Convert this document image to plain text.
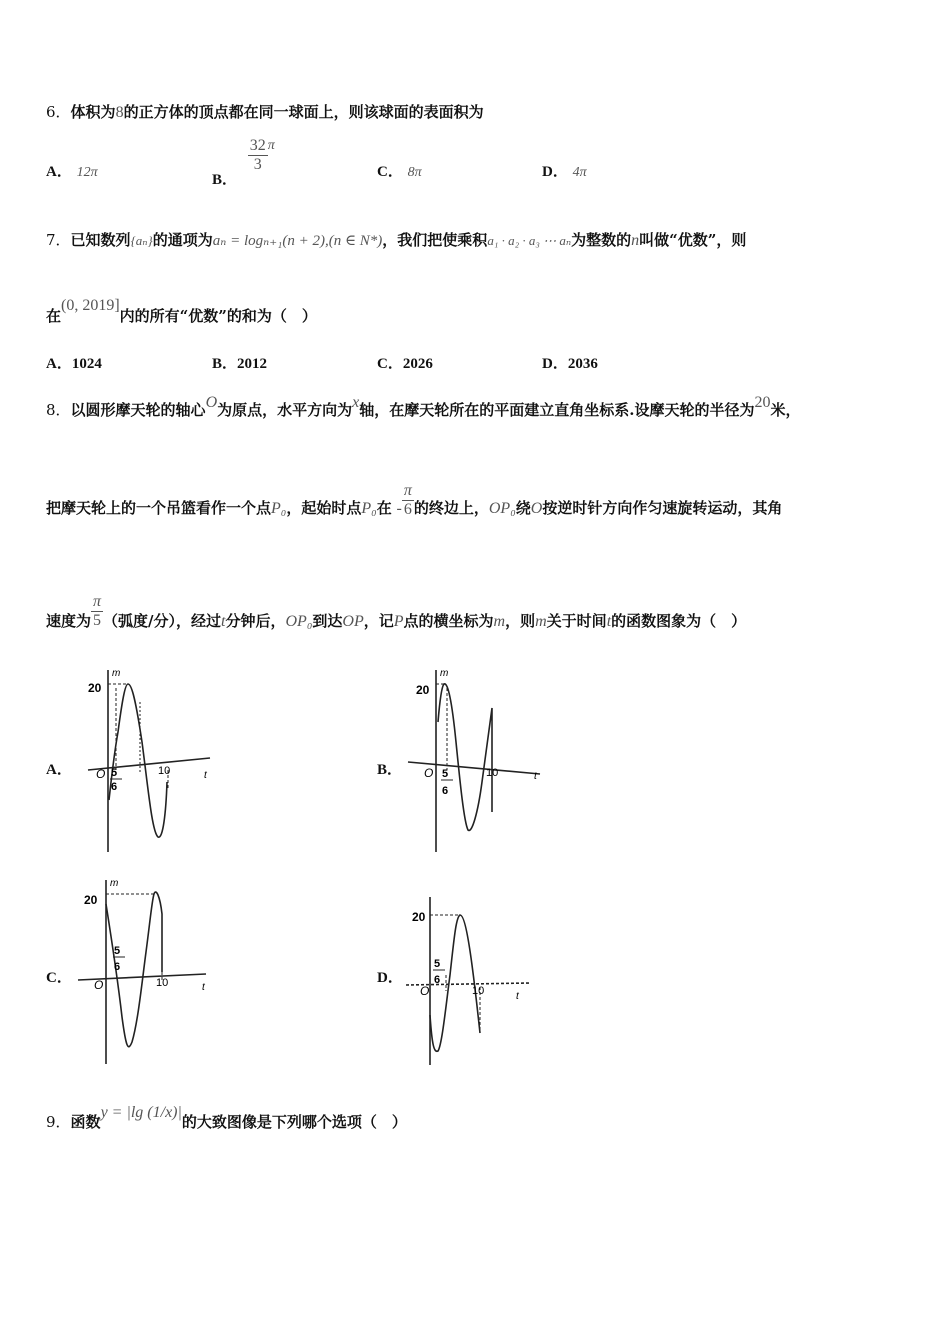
6．体积为8的正方体的顶点都在同一球面上，则该球面的表面积为
A． 12π	B．
$\frac{32}{3}$ π
C． 8π	D． 4π
7．已知数列{aₙ}的通项为aₙ = logₙ₊₁(n + 2),(n ∈ N*)，我们把使乘积a₁ · a₂ · a₃ ⋯ aₙ为整数的n叫做“优数”，则
在(0, 2019]内的所有“优数”的和为（　）
A．1024	B．2012	C．2026	D．2036
8．以圆形摩天轮的轴心O为原点，水平方向为x轴，在摩天轮所在的平面建立直角坐标系.设摩天轮的半径为20米，
把摩天轮上的一个吊篮看作一个点P₀，起始时点P₀在 - $\frac{\pi}{6}$ 的终边上，OP₀绕O按逆时针方向作匀速旋转运动，其角
速度为 $\frac{\pi}{5}$ （弧度/分），经过t分钟后，OP₀到达OP，记P点的横坐标为m，则m关于时间t的函数图象为（　）
A．	B．
C．	D．
m
20
O 5
6
10	t
m
20
O 5
6
10	t
m
20
O
5
6
10	t
20
O
5
6
10	t
9．函数y = |lg (1/x)|的大致图像是下列哪个选项（　）
